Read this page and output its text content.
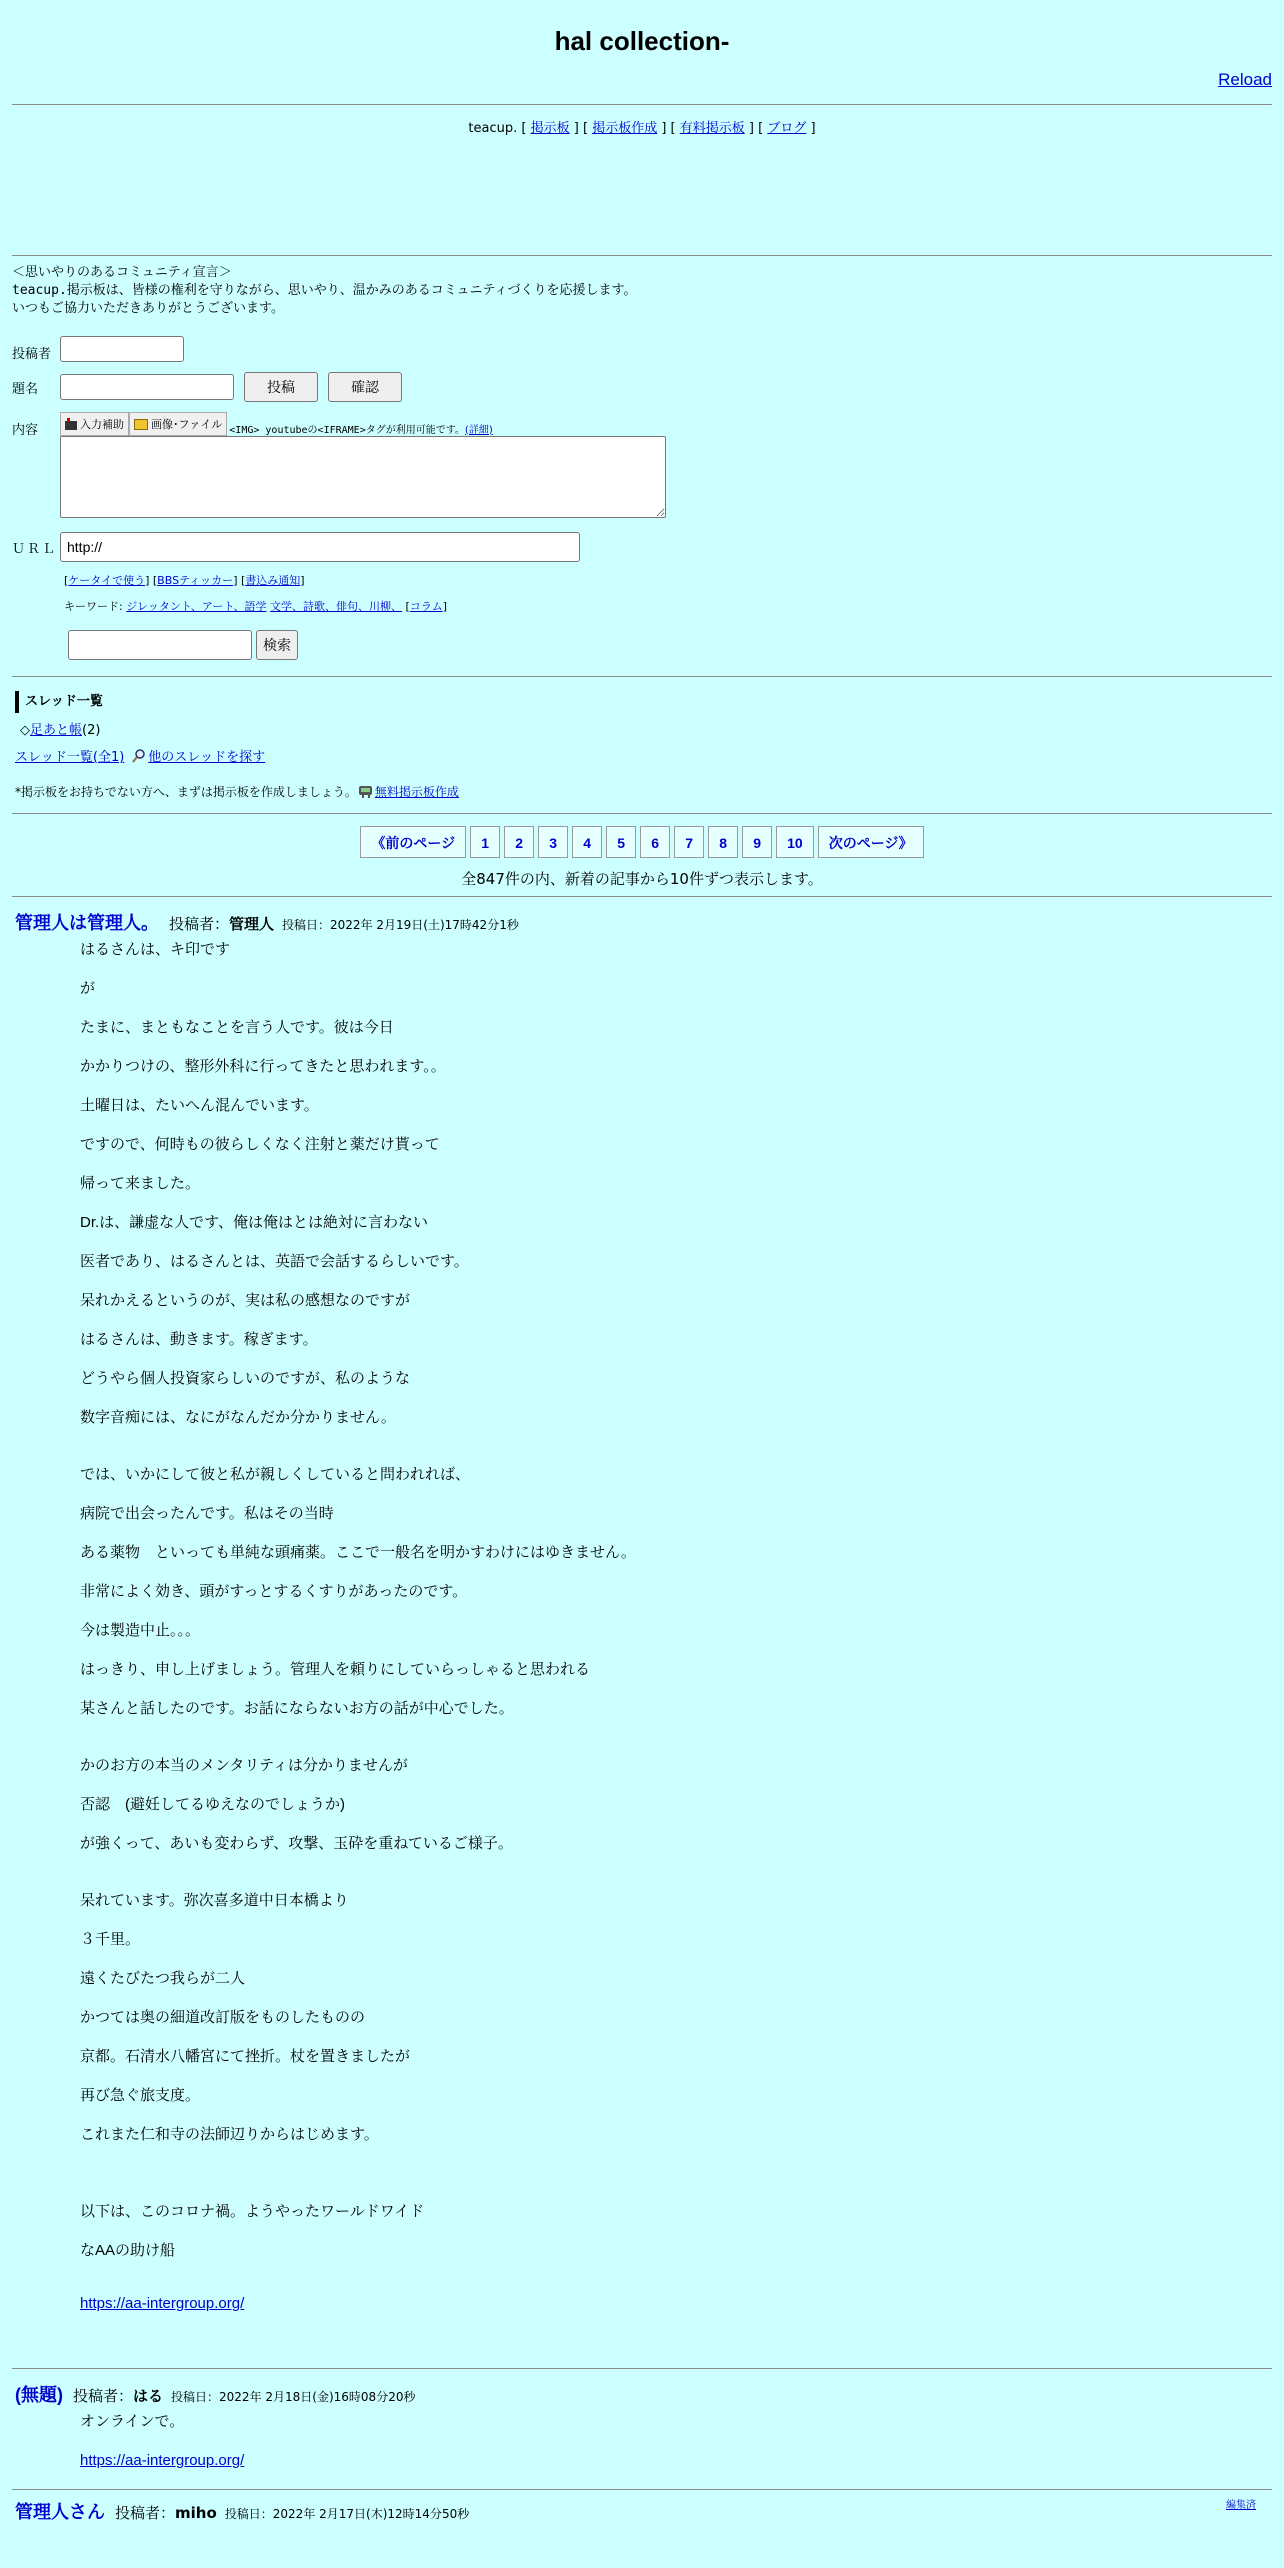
hal collection-
Reload
teacup. [ 掲示板 ] [ 掲示板作成 ] [ 有料掲示板 ] [ ブログ ]
＜思いやりのあるコミュニティ宣言＞
teacup.掲示板は、皆様の権利を守りながら、思いやり、温かみのあるコミュニティづくりを応援します。
いつもご協力いただきありがとうございます。
投稿者
題名	投稿	確認
内容	入力補助 画像･ファイル <IMG> youtubeの<IFRAME>タグが利用可能です。(詳細)
ＵＲＬ
http://
[ケータイで使う] [BBSティッカー] [書込み通知]
キーワード: ジレッタント、アート、語学 文学、詩歌、俳句、川柳、 [コラム]
検索
スレッド一覧
◇足あと帳(2)
スレッド一覧(全1) 他のスレッドを探す
*掲示板をお持ちでない方へ、まずは掲示板を作成しましょう。 無料掲示板作成
《前のページ	1	2	3	4	5	6	7	8	9	10	次のページ》
全847件の内、新着の記事から10件ずつ表示します。
管理人は管理人。 投稿者：管理人 投稿日：2022年 2月19日(土)17時42分1秒

はるさんは、キ印です

が

たまに、まともなことを言う人です。彼は今日

かかりつけの、整形外科に行ってきたと思われます。。

土曜日は、たいへん混んでいます。

ですので、何時もの彼らしくなく注射と薬だけ貰って

帰って来ました。

Dr.は、謙虚な人です、俺は俺はとは絶対に言わない

医者であり、はるさんとは、英語で会話するらしいです。

呆れかえるというのが、実は私の感想なのですが

はるさんは、動きます。稼ぎます。

どうやら個人投資家らしいのですが、私のような

数字音痴には、なにがなんだか分かりません。

では、いかにして彼と私が親しくしていると問われれば、

病院で出会ったんです。私はその当時

ある薬物　といっても単純な頭痛薬。ここで一般名を明かすわけにはゆきません。

非常によく効き、頭がすっとするくすりがあったのです。

今は製造中止。。。

はっきり、申し上げましょう。管理人を頼りにしていらっしゃると思われる

某さんと話したのです。お話にならないお方の話が中心でした。

かのお方の本当のメンタリティは分かりませんが

否認　(避妊してるゆえなのでしょうか)

が強くって、あいも変わらず、攻撃、玉砕を重ねているご様子。

呆れています。弥次喜多道中日本橋より

３千里。

遠くたびたつ我らが二人

かつては奥の細道改訂版をものしたものの

京都。石清水八幡宮にて挫折。杖を置きましたが

再び急ぐ旅支度。

これまた仁和寺の法師辺りからはじめます。

以下は、このコロナ禍。ようやったワールドワイド

なAAの助け船

https://aa-intergroup.org/

(無題) 投稿者：はる 投稿日：2022年 2月18日(金)16時08分20秒

オンラインで。

https://aa-intergroup.org/

編集済
管理人さん 投稿者：miho 投稿日：2022年 2月17日(木)12時14分50秒
